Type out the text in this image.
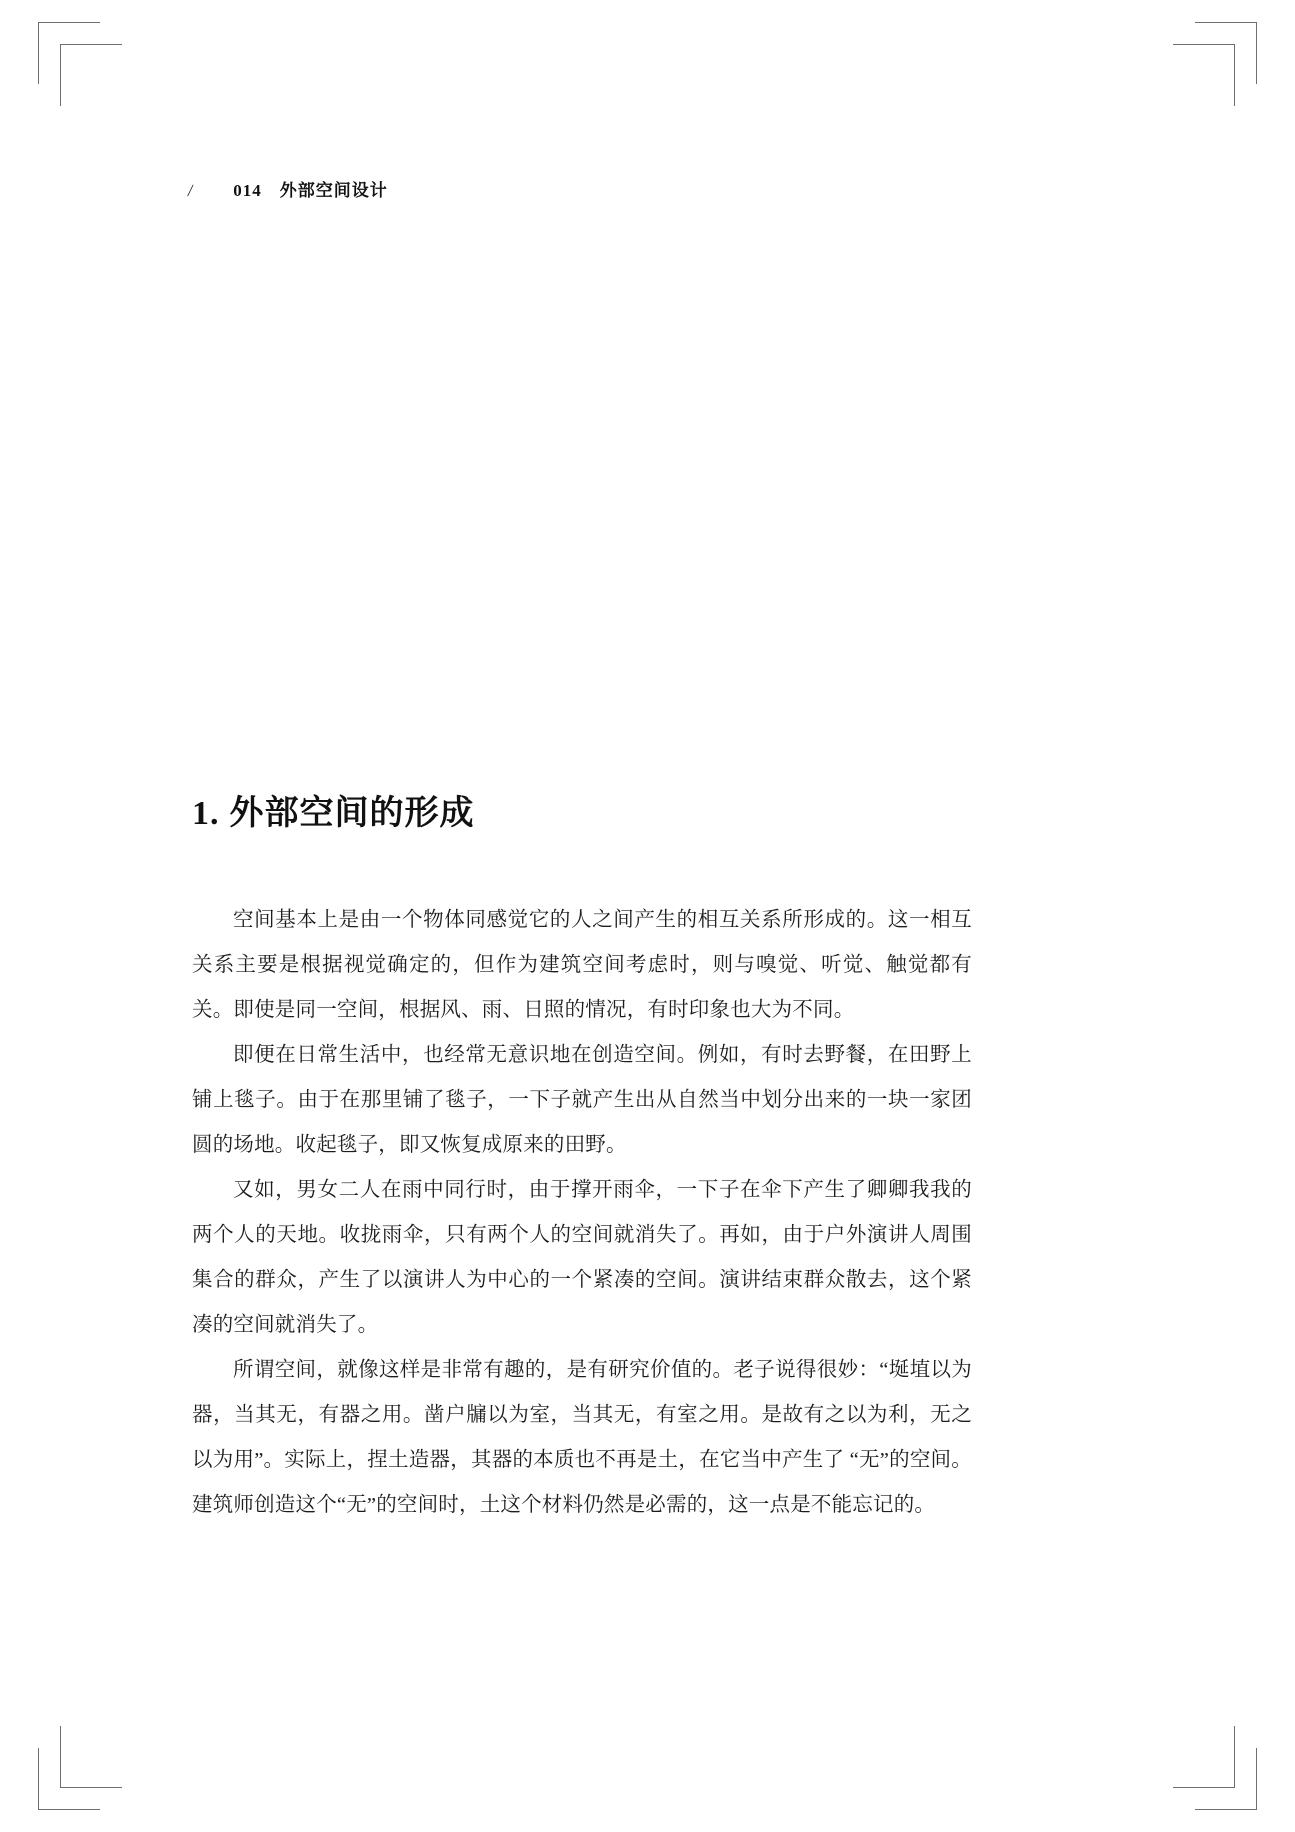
/ 014 外部空间设计
1. 外部空间的形成

空间基本上是由一个物体同感觉它的人之间产生的相互关系所形成的。这一相互关系主要是根据视觉确定的，但作为建筑空间考虑时，则与嗅觉、听觉、触觉都有关。即使是同一空间，根据风、雨、日照的情况，有时印象也大为不同。

即便在日常生活中，也经常无意识地在创造空间。例如，有时去野餐，在田野上铺上毯子。由于在那里铺了毯子，一下子就产生出从自然当中划分出来的一块一家团圆的场地。收起毯子，即又恢复成原来的田野。

又如，男女二人在雨中同行时，由于撑开雨伞，一下子在伞下产生了卿卿我我的两个人的天地。收拢雨伞，只有两个人的空间就消失了。再如，由于户外演讲人周围集合的群众，产生了以演讲人为中心的一个紧凑的空间。演讲结束群众散去，这个紧凑的空间就消失了。

所谓空间，就像这样是非常有趣的，是有研究价值的。老子说得很妙：“埏埴以为器，当其无，有器之用。凿户牖以为室，当其无，有室之用。是故有之以为利，无之以为用”。实际上，捏土造器，其器的本质也不再是土，在它当中产生了 “无”的空间。建筑师创造这个“无”的空间时，土这个材料仍然是必需的，这一点是不能忘记的。
